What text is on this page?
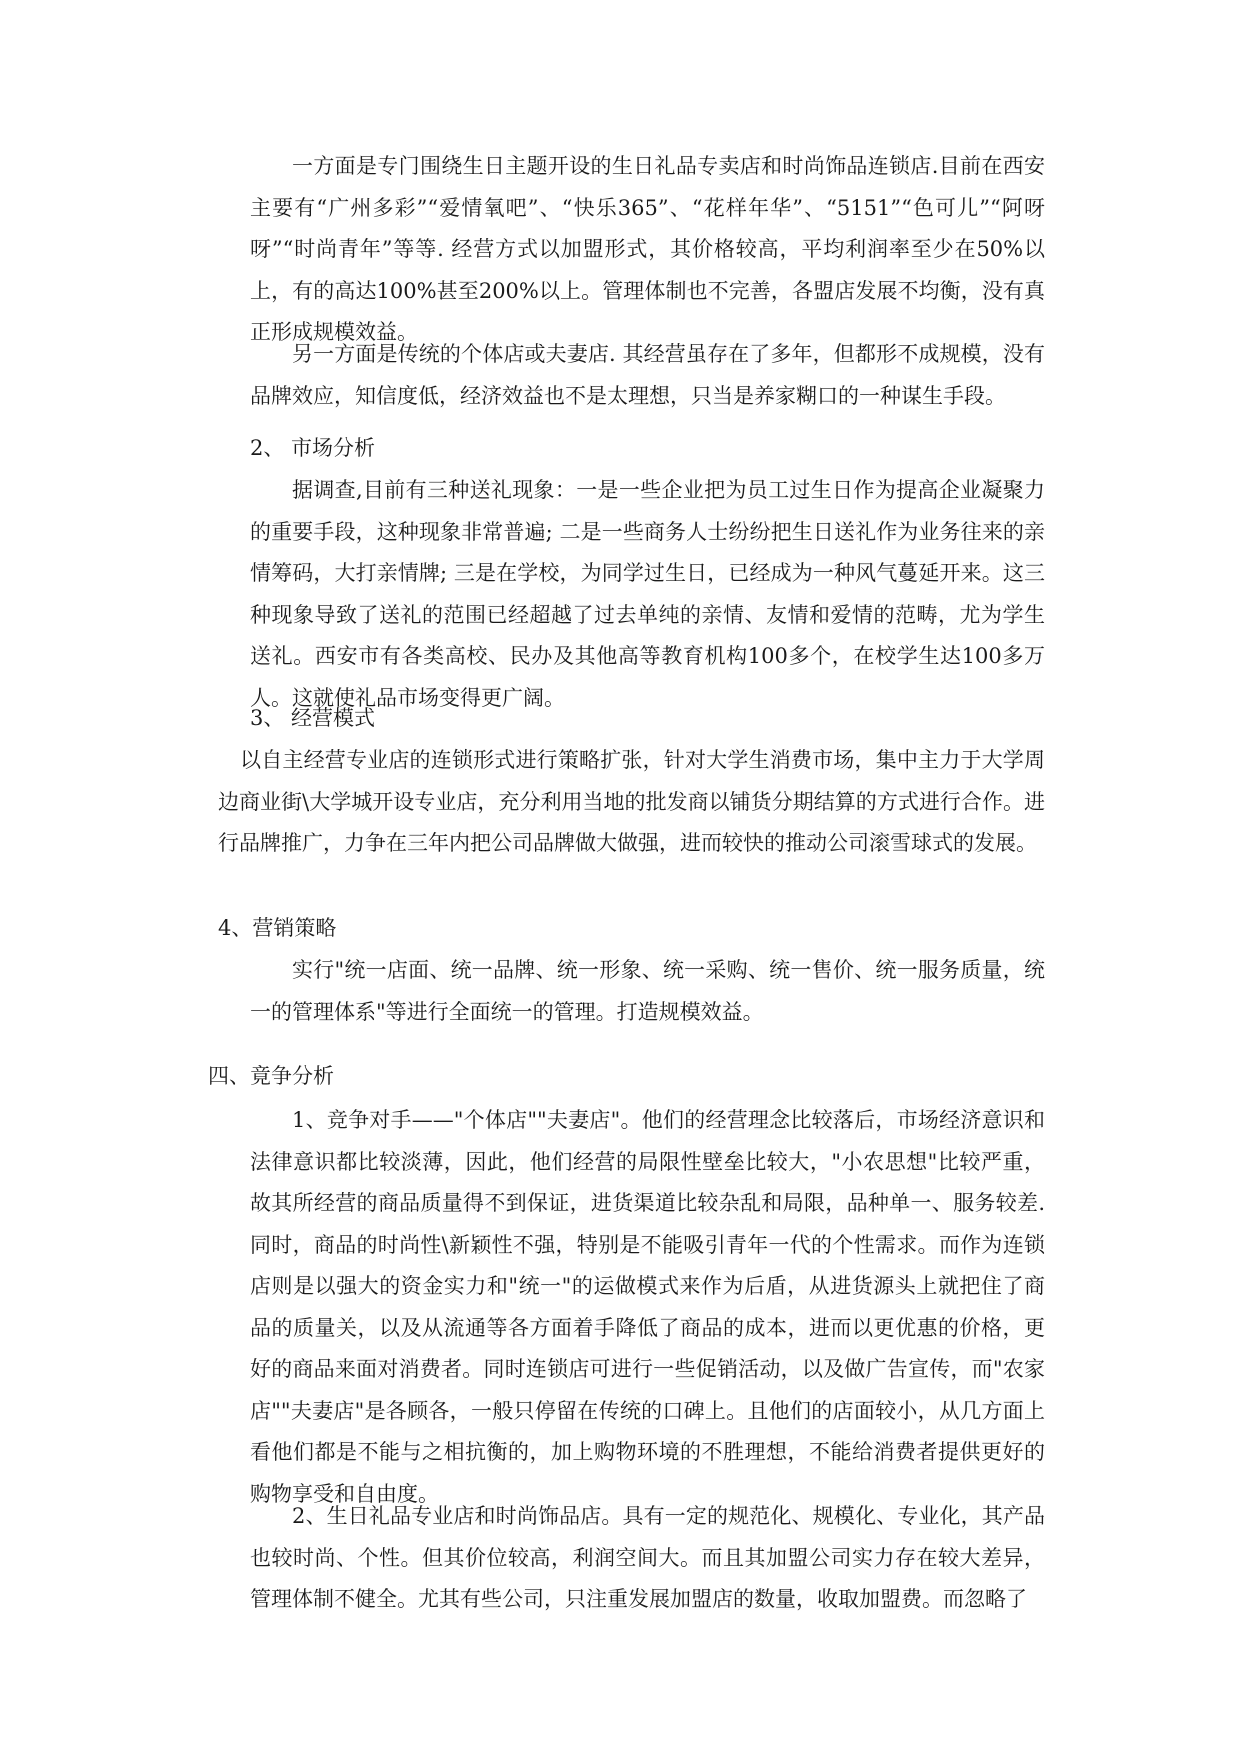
一方面是专门围绕生日主题开设的生日礼品专卖店和时尚饰品连锁店.目前在西安主要有“广州多彩”“爱情氧吧”、“快乐365”、“花样年华”、“5151”“色可儿”“阿呀呀”“时尚青年”等等. 经营方式以加盟形式，其价格较高，平均利润率至少在50%以上，有的高达100%甚至200%以上。管理体制也不完善，各盟店发展不均衡，没有真正形成规模效益。

另一方面是传统的个体店或夫妻店. 其经营虽存在了多年，但都形不成规模，没有品牌效应，知信度低，经济效益也不是太理想，只当是养家糊口的一种谋生手段。

2、 市场分析

据调查,目前有三种送礼现象：一是一些企业把为员工过生日作为提高企业凝聚力的重要手段，这种现象非常普遍; 二是一些商务人士纷纷把生日送礼作为业务往来的亲情筹码，大打亲情牌; 三是在学校，为同学过生日，已经成为一种风气蔓延开来。这三种现象导致了送礼的范围已经超越了过去单纯的亲情、友情和爱情的范畴，尤为学生送礼。西安市有各类高校、民办及其他高等教育机构100多个，在校学生达100多万人。这就使礼品市场变得更广阔。

3、 经营模式

以自主经营专业店的连锁形式进行策略扩张，针对大学生消费市场，集中主力于大学周边商业街\大学城开设专业店，充分利用当地的批发商以铺货分期结算的方式进行合作。进行品牌推广，力争在三年内把公司品牌做大做强，进而较快的推动公司滚雪球式的发展。

4、营销策略

实行"统一店面、统一品牌、统一形象、统一采购、统一售价、统一服务质量，统一的管理体系"等进行全面统一的管理。打造规模效益。

四、竟争分析

1、竞争对手——"个体店""夫妻店"。他们的经营理念比较落后，市场经济意识和法律意识都比较淡薄，因此，他们经营的局限性壁垒比较大，"小农思想"比较严重，故其所经营的商品质量得不到保证，进货渠道比较杂乱和局限，品种单一、服务较差. 同时，商品的时尚性\新颖性不强，特别是不能吸引青年一代的个性需求。而作为连锁店则是以强大的资金实力和"统一"的运做模式来作为后盾，从进货源头上就把住了商品的质量关，以及从流通等各方面着手降低了商品的成本，进而以更优惠的价格，更好的商品来面对消费者。同时连锁店可进行一些促销活动，以及做广告宣传，而"农家店""夫妻店"是各顾各，一般只停留在传统的口碑上。且他们的店面较小，从几方面上看他们都是不能与之相抗衡的，加上购物环境的不胜理想，不能给消费者提供更好的购物享受和自由度。

2、生日礼品专业店和时尚饰品店。具有一定的规范化、规模化、专业化，其产品也较时尚、个性。但其价位较高，利润空间大。而且其加盟公司实力存在较大差异，管理体制不健全。尤其有些公司，只注重发展加盟店的数量，收取加盟费。而忽略了
